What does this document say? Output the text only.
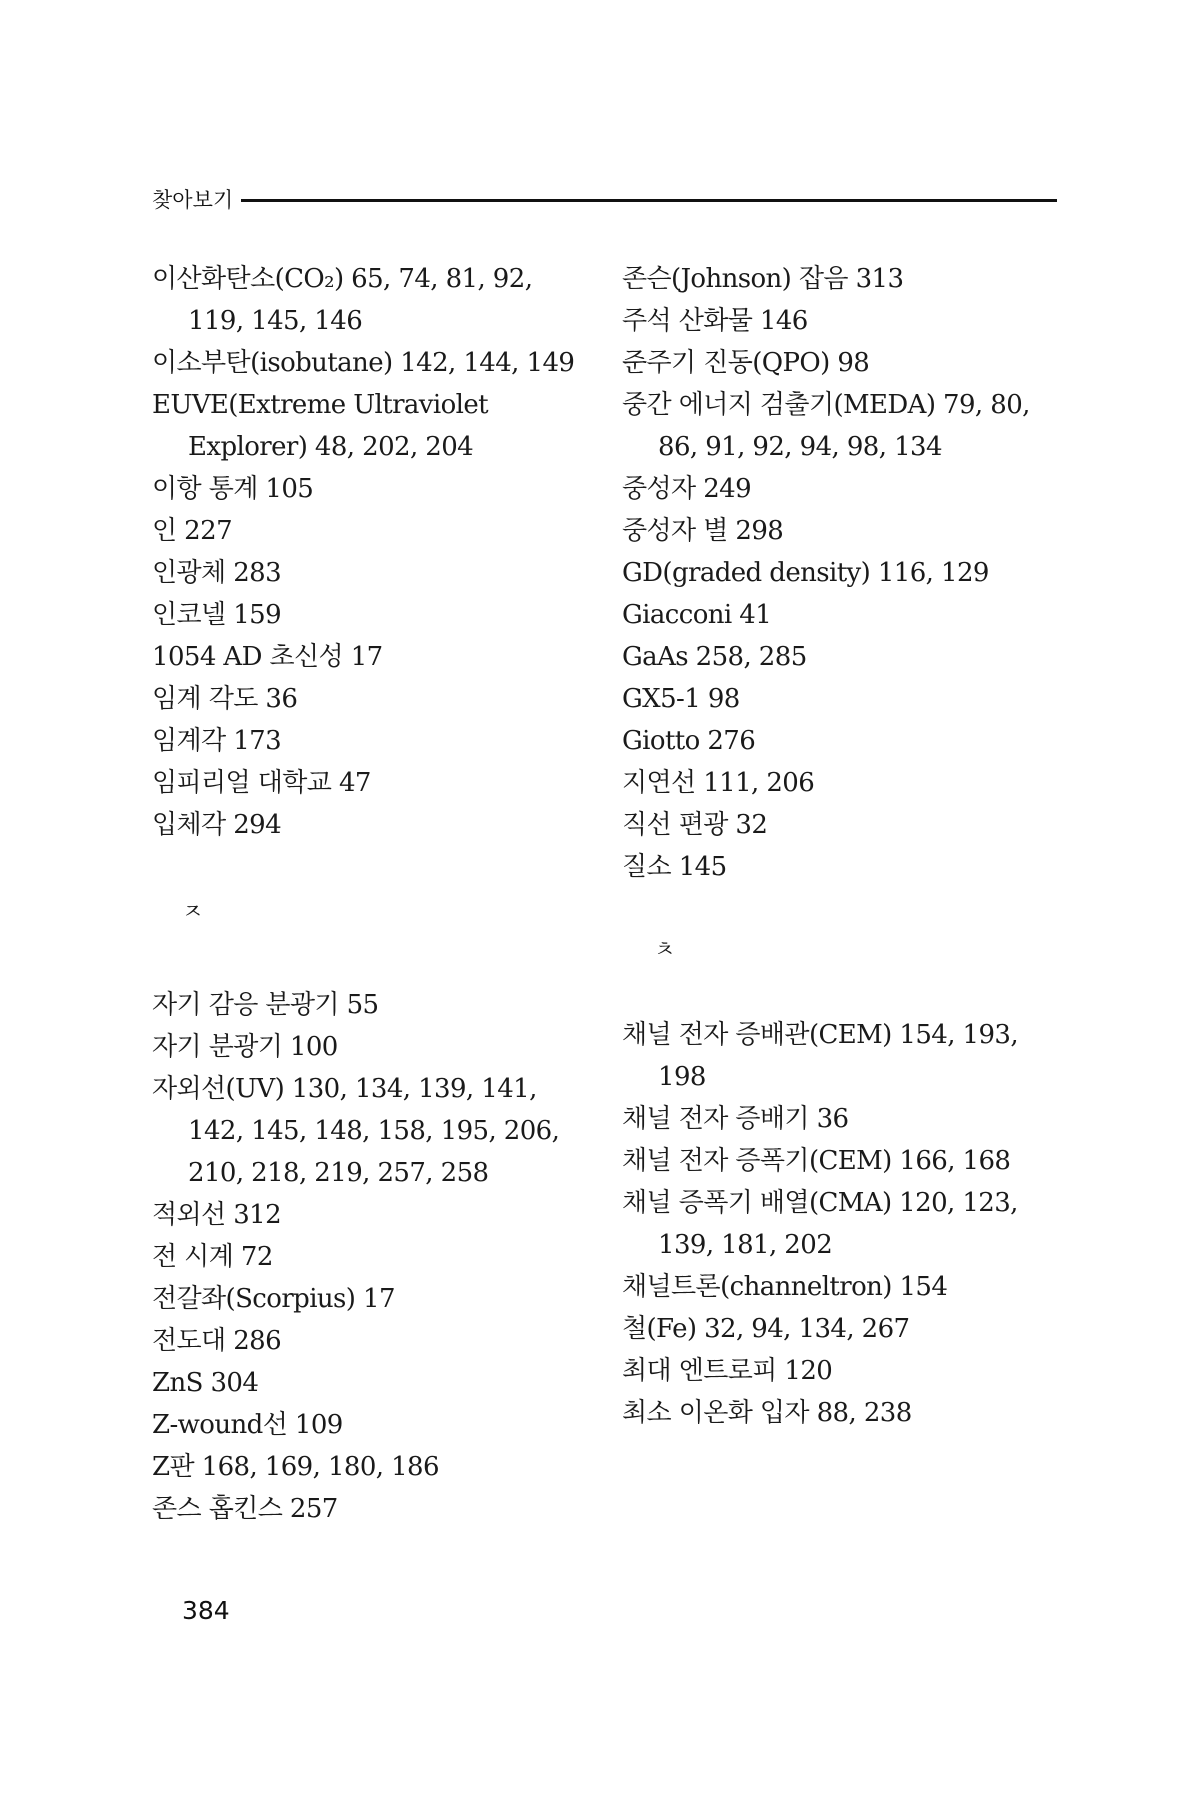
찾아보기
이산화탄소(CO₂) 65, 74, 81, 92, 119, 145, 146
이소부탄(isobutane) 142, 144, 149
EUVE(Extreme Ultraviolet Explorer) 48, 202, 204
이항 통계 105
인 227
인광체 283
인코넬 159
1054 AD 초신성 17
임계 각도 36
임계각 173
임피리얼 대학교 47
입체각 294
ㅈ
자기 감응 분광기 55
자기 분광기 100
자외선(UV) 130, 134, 139, 141, 142, 145, 148, 158, 195, 206, 210, 218, 219, 257, 258
적외선 312
전 시계 72
전갈좌(Scorpius) 17
전도대 286
ZnS 304
Z-wound선 109
Z판 168, 169, 180, 186
존스 홉킨스 257
존슨(Johnson) 잡음 313
주석 산화물 146
준주기 진동(QPO) 98
중간 에너지 검출기(MEDA) 79, 80, 86, 91, 92, 94, 98, 134
중성자 249
중성자 별 298
GD(graded density) 116, 129
Giacconi 41
GaAs 258, 285
GX5-1 98
Giotto 276
지연선 111, 206
직선 편광 32
질소 145
ㅊ
채널 전자 증배관(CEM) 154, 193, 198
채널 전자 증배기 36
채널 전자 증폭기(CEM) 166, 168
채널 증폭기 배열(CMA) 120, 123, 139, 181, 202
채널트론(channeltron) 154
철(Fe) 32, 94, 134, 267
최대 엔트로피 120
최소 이온화 입자 88, 238
384
